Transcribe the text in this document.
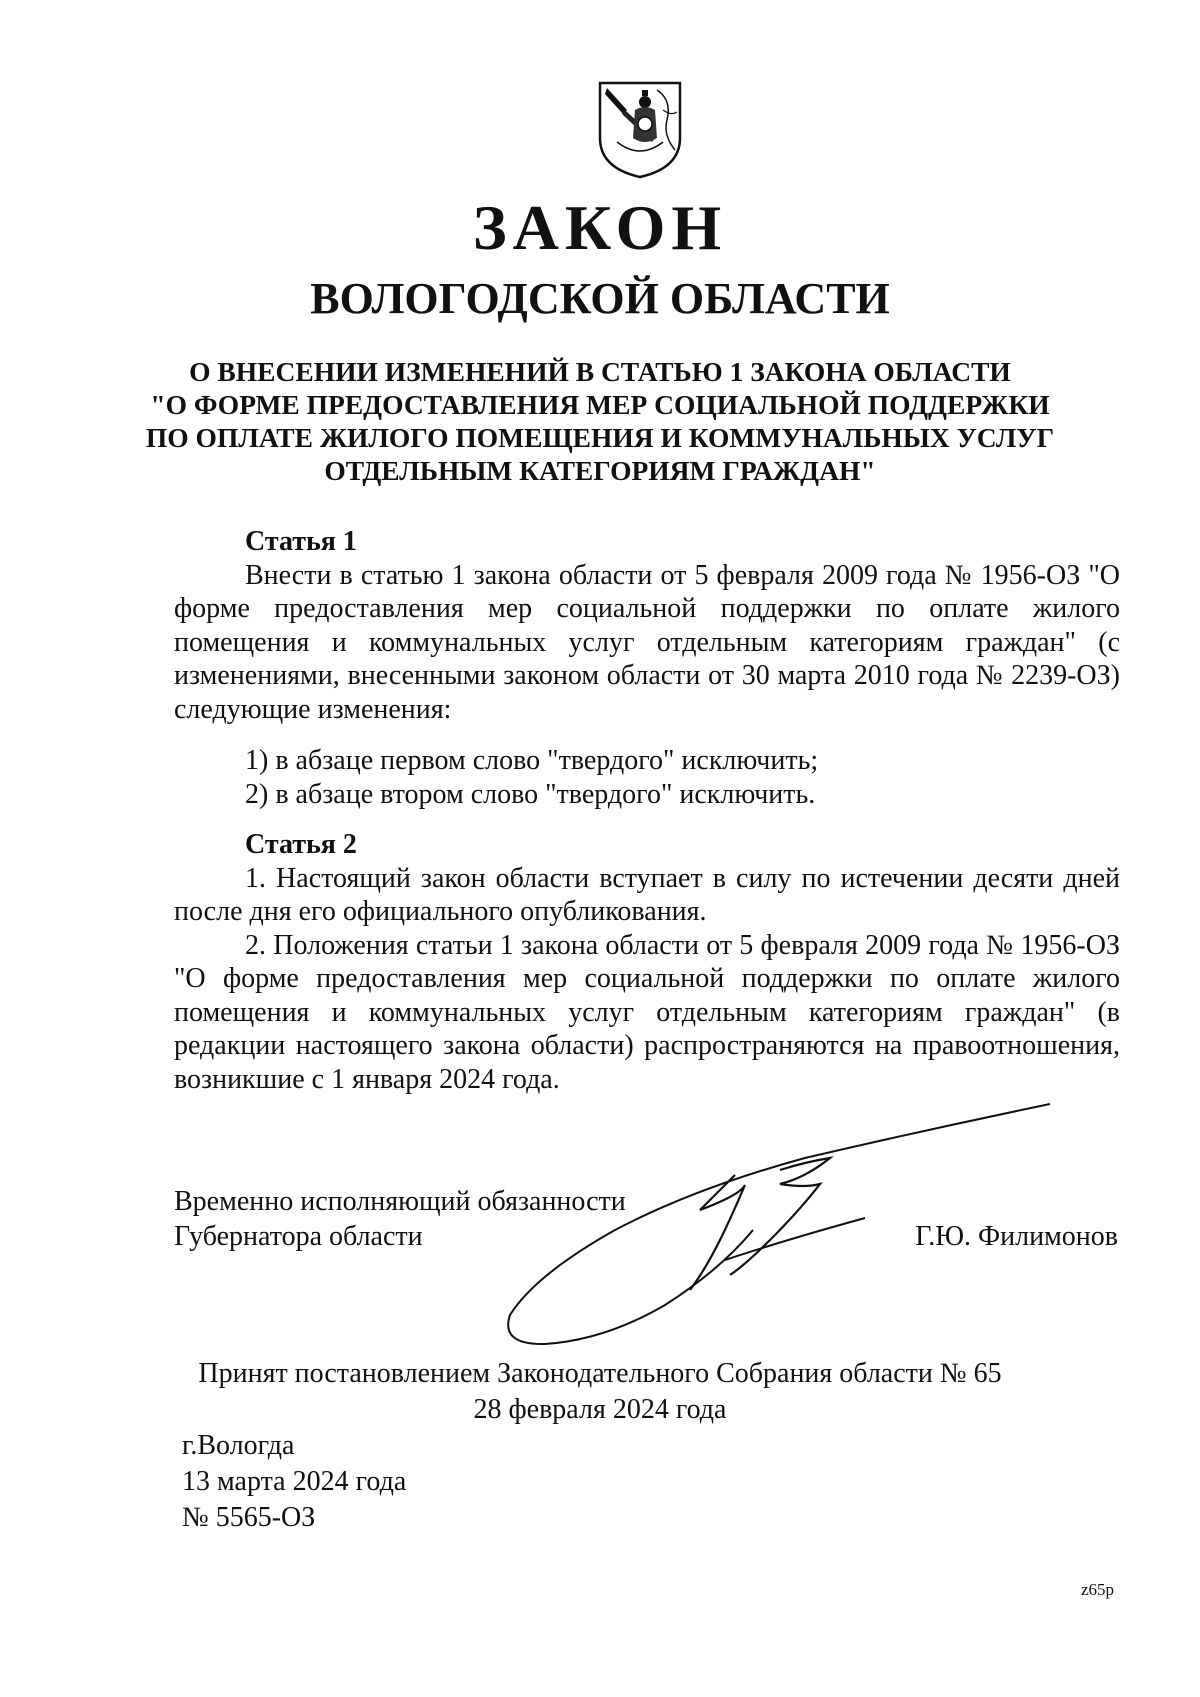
ЗАКОН
ВОЛОГОДСКОЙ ОБЛАСТИ
О ВНЕСЕНИИ ИЗМЕНЕНИЙ В СТАТЬЮ 1 ЗАКОНА ОБЛАСТИ
"О ФОРМЕ ПРЕДОСТАВЛЕНИЯ МЕР СОЦИАЛЬНОЙ ПОДДЕРЖКИ
ПО ОПЛАТЕ ЖИЛОГО ПОМЕЩЕНИЯ И КОММУНАЛЬНЫХ УСЛУГ
ОТДЕЛЬНЫМ КАТЕГОРИЯМ ГРАЖДАН"
Статья 1

Внести в статью 1 закона области от 5 февраля 2009 года № 1956-ОЗ "О форме предоставления мер социальной поддержки по оплате жилого помещения и коммунальных услуг отдельным категориям граждан" (с изменениями, внесенными законом области от 30 марта 2010 года № 2239-ОЗ) следующие изменения:

1) в абзаце первом слово "твердого" исключить;

2) в абзаце втором слово "твердого" исключить.

Статья 2

1. Настоящий закон области вступает в силу по истечении десяти дней после дня его официального опубликования.

2. Положения статьи 1 закона области от 5 февраля 2009 года № 1956-ОЗ "О форме предоставления мер социальной поддержки по оплате жилого помещения и коммунальных услуг отдельным категориям граждан" (в редакции настоящего закона области) распространяются на правоотношения, возникшие с 1 января 2024 года.

Временно исполняющий обязанности
Губернатора области	Г.Ю. Филимонов
Принят постановлением Законодательного Собрания области № 65
28 февраля 2024 года
г.Вологда
13 марта 2024 года
№ 5565-ОЗ
z65p
